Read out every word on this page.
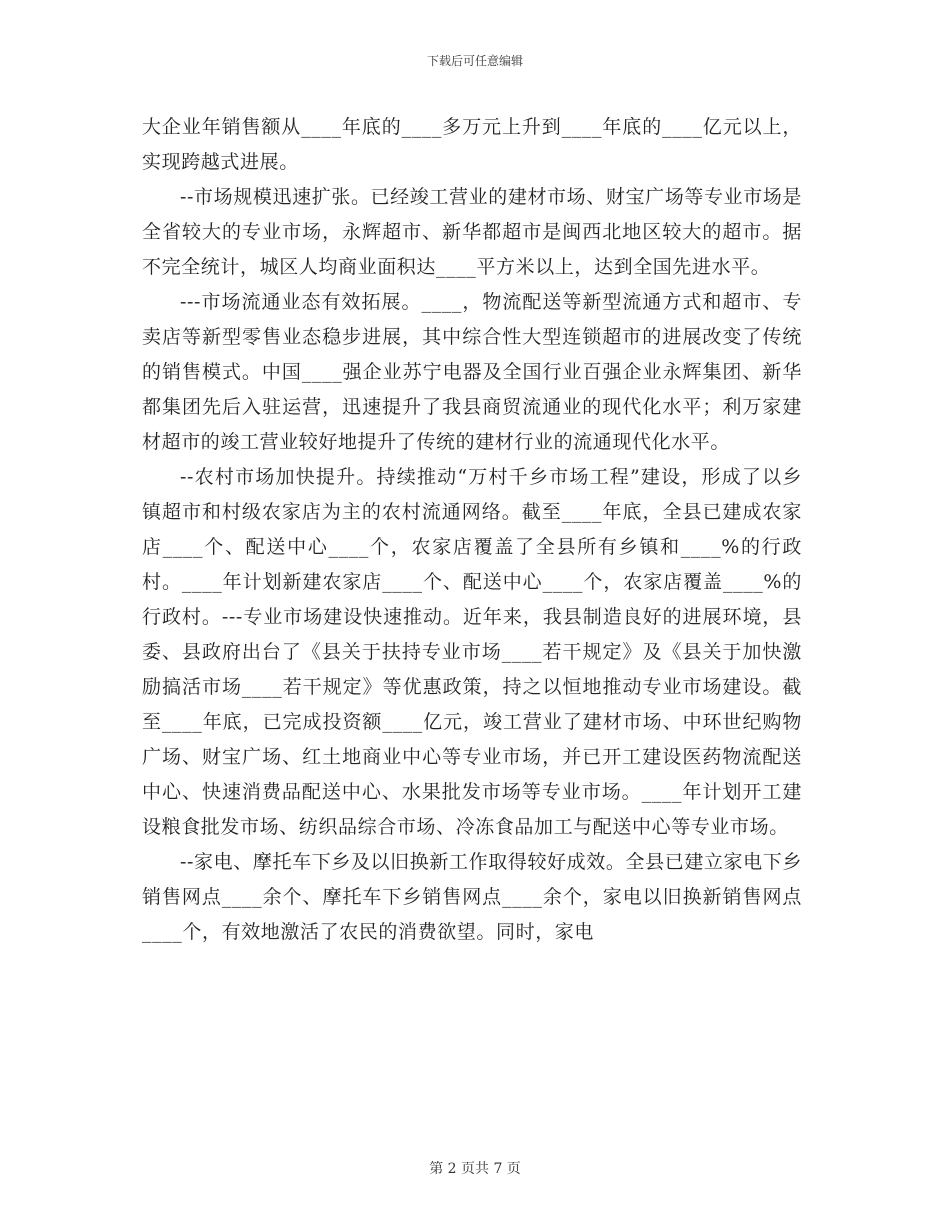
下载后可任意编辑

大企业年销售额从____年底的____多万元上升到____年底的____亿元以上，实现跨越式进展。

--市场规模迅速扩张。已经竣工营业的建材市场、财宝广场等专业市场是全省较大的专业市场，永辉超市、新华都超市是闽西北地区较大的超市。据不完全统计，城区人均商业面积达____平方米以上，达到全国先进水平。

---市场流通业态有效拓展。____，物流配送等新型流通方式和超市、专卖店等新型零售业态稳步进展，其中综合性大型连锁超市的进展改变了传统的销售模式。中国____强企业苏宁电器及全国行业百强企业永辉集团、新华都集团先后入驻运营，迅速提升了我县商贸流通业的现代化水平；利万家建材超市的竣工营业较好地提升了传统的建材行业的流通现代化水平。

--农村市场加快提升。持续推动“万村千乡市场工程”建设，形成了以乡镇超市和村级农家店为主的农村流通网络。截至____年底，全县已建成农家店____个、配送中心____个，农家店覆盖了全县所有乡镇和____%的行政村。____年计划新建农家店____个、配送中心____个，农家店覆盖____%的行政村。---专业市场建设快速推动。近年来，我县制造良好的进展环境，县委、县政府出台了《县关于扶持专业市场____若干规定》及《县关于加快激励搞活市场____若干规定》等优惠政策，持之以恒地推动专业市场建设。截至____年底，已完成投资额____亿元，竣工营业了建材市场、中环世纪购物广场、财宝广场、红土地商业中心等专业市场，并已开工建设医药物流配送中心、快速消费品配送中心、水果批发市场等专业市场。____年计划开工建设粮食批发市场、纺织品综合市场、冷冻食品加工与配送中心等专业市场。

--家电、摩托车下乡及以旧换新工作取得较好成效。全县已建立家电下乡销售网点____余个、摩托车下乡销售网点____余个，家电以旧换新销售网点____个，有效地激活了农民的消费欲望。同时，家电

第 2 页共 7 页
